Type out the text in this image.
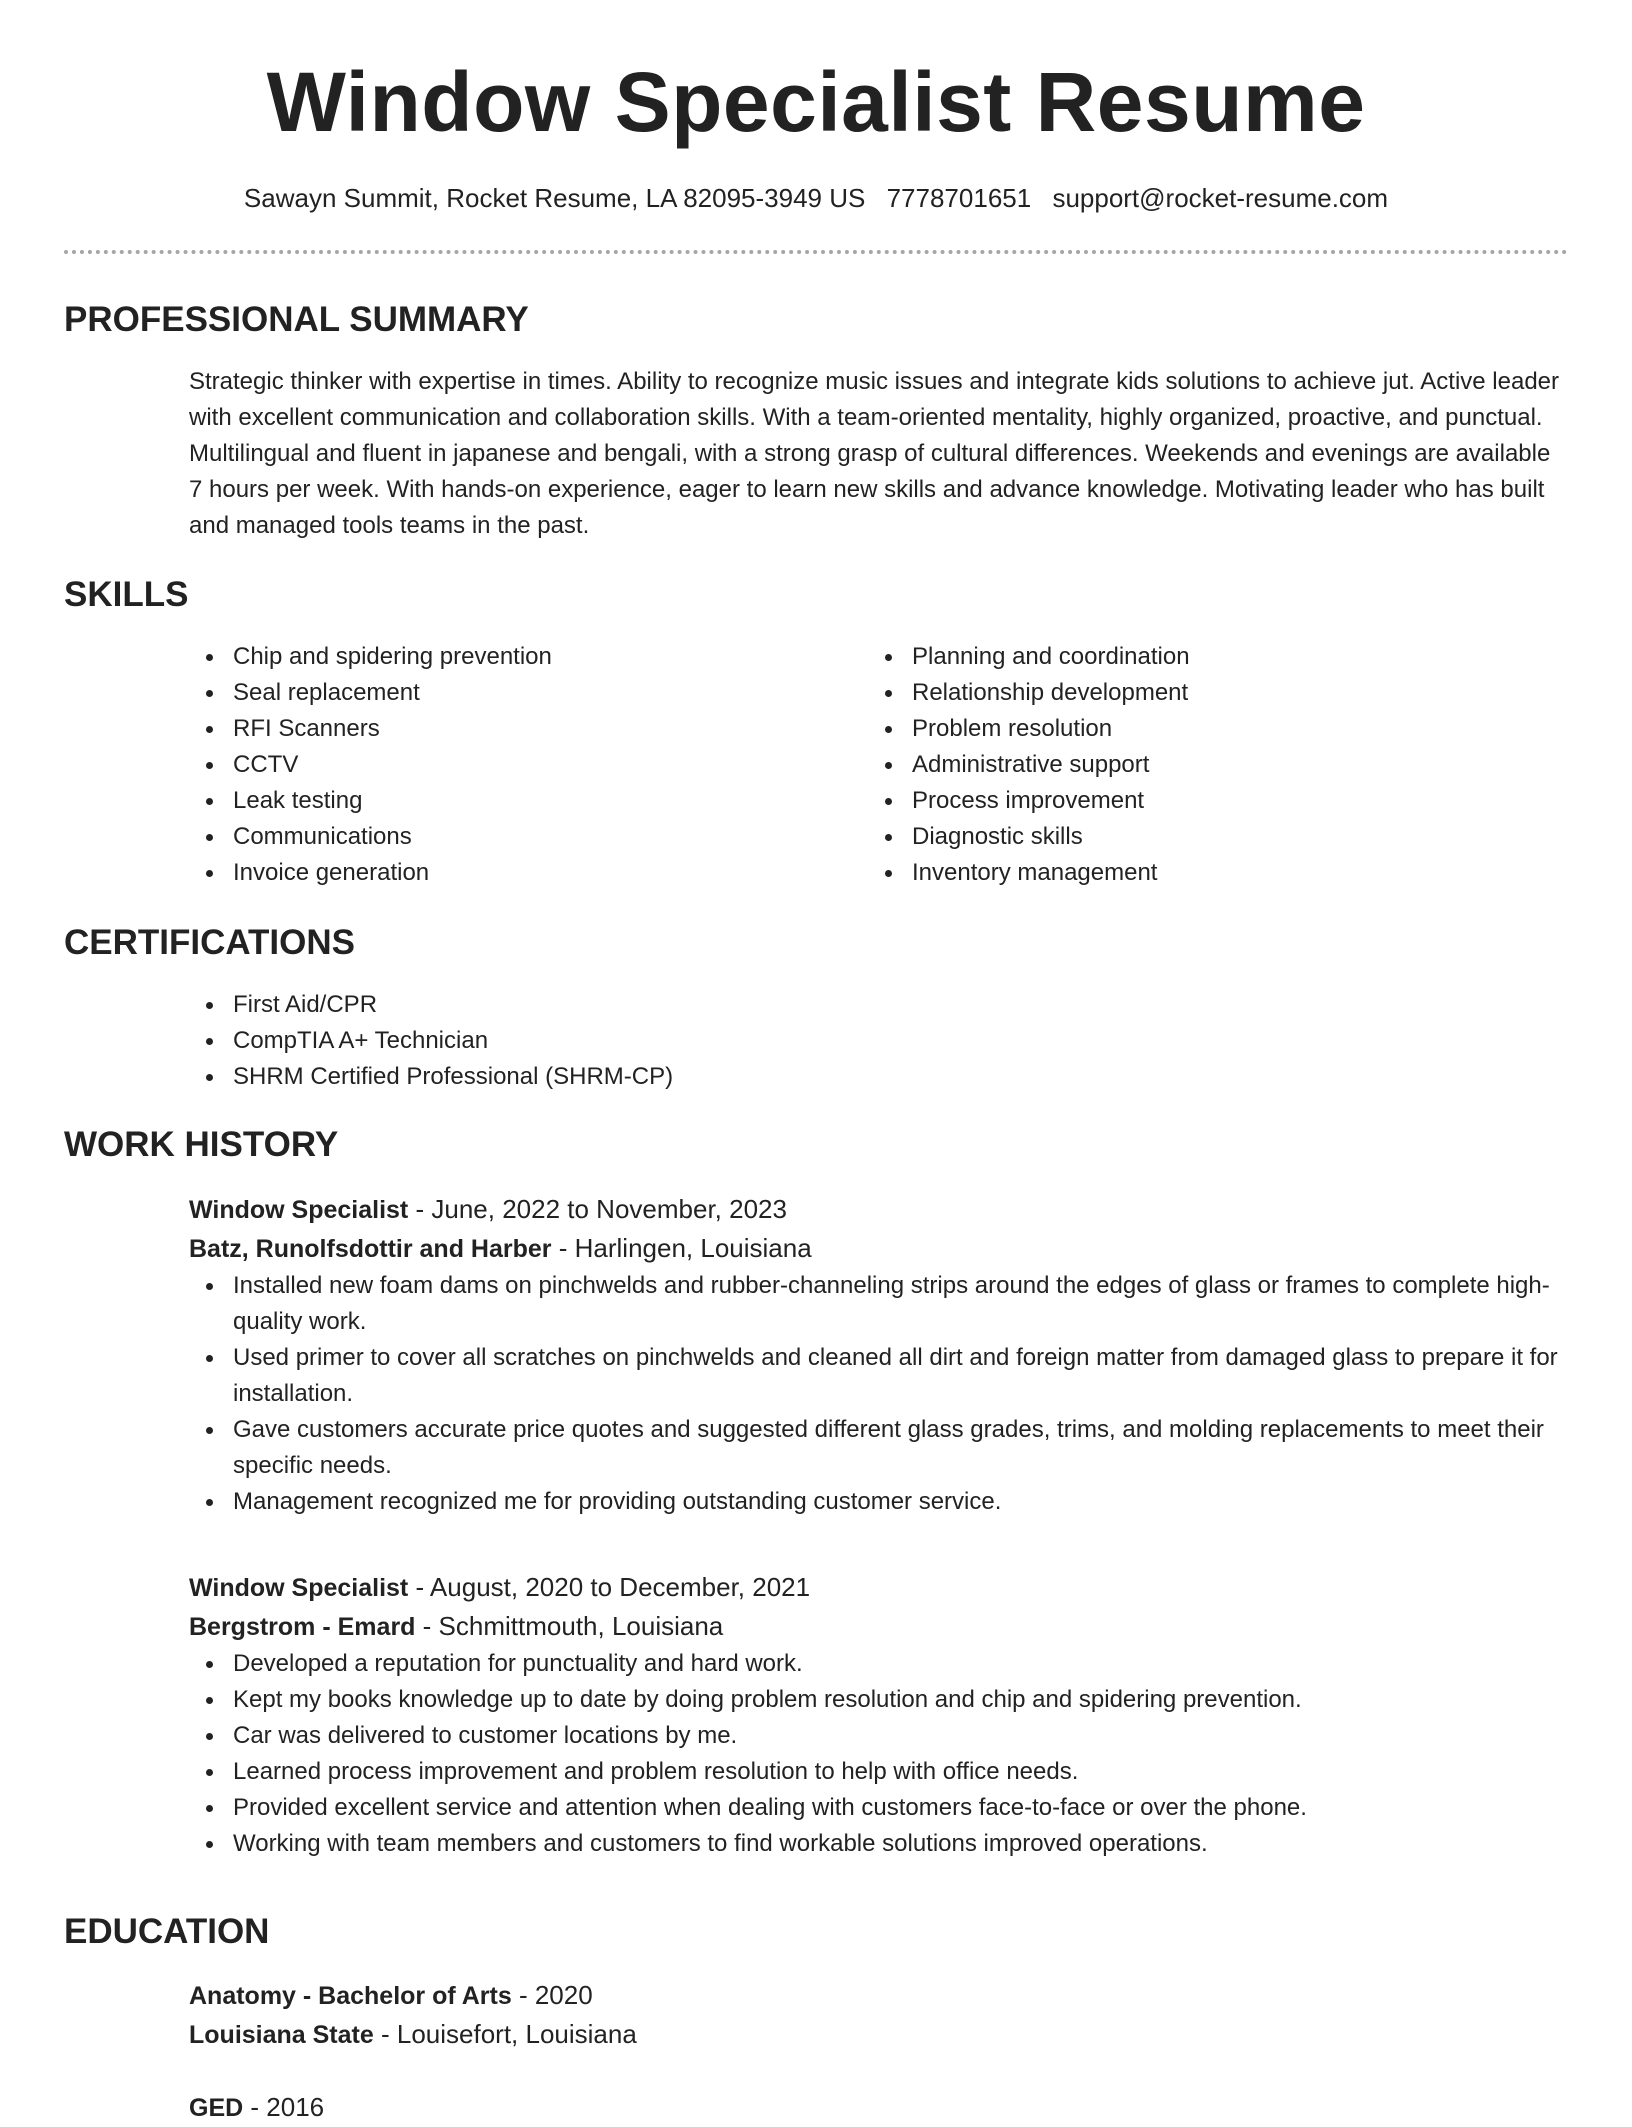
Window Specialist Resume
Sawayn Summit, Rocket Resume, LA 82095-3949 US 7778701651 support@rocket-resume.com
PROFESSIONAL SUMMARY

Strategic thinker with expertise in times. Ability to recognize music issues and integrate kids solutions to achieve jut. Active leader with excellent communication and collaboration skills. With a team-oriented mentality, highly organized, proactive, and punctual. Multilingual and fluent in japanese and bengali, with a strong grasp of cultural differences. Weekends and evenings are available 7 hours per week. With hands-on experience, eager to learn new skills and advance knowledge. Motivating leader who has built and managed tools teams in the past.

SKILLS
Chip and spidering prevention
Seal replacement
RFI Scanners
CCTV
Leak testing
Communications
Invoice generation
Planning and coordination
Relationship development
Problem resolution
Administrative support
Process improvement
Diagnostic skills
Inventory management
CERTIFICATIONS
First Aid/CPR
CompTIA A+ Technician
SHRM Certified Professional (SHRM-CP)
WORK HISTORY
Window Specialist - June, 2022 to November, 2023
Batz, Runolfsdottir and Harber - Harlingen, Louisiana
Installed new foam dams on pinchwelds and rubber-channeling strips around the edges of glass or frames to complete high-quality work.
Used primer to cover all scratches on pinchwelds and cleaned all dirt and foreign matter from damaged glass to prepare it for installation.
Gave customers accurate price quotes and suggested different glass grades, trims, and molding replacements to meet their specific needs.
Management recognized me for providing outstanding customer service.
Window Specialist - August, 2020 to December, 2021
Bergstrom - Emard - Schmittmouth, Louisiana
Developed a reputation for punctuality and hard work.
Kept my books knowledge up to date by doing problem resolution and chip and spidering prevention.
Car was delivered to customer locations by me.
Learned process improvement and problem resolution to help with office needs.
Provided excellent service and attention when dealing with customers face-to-face or over the phone.
Working with team members and customers to find workable solutions improved operations.
EDUCATION
Anatomy - Bachelor of Arts - 2020
Louisiana State - Louisefort, Louisiana
GED - 2016
